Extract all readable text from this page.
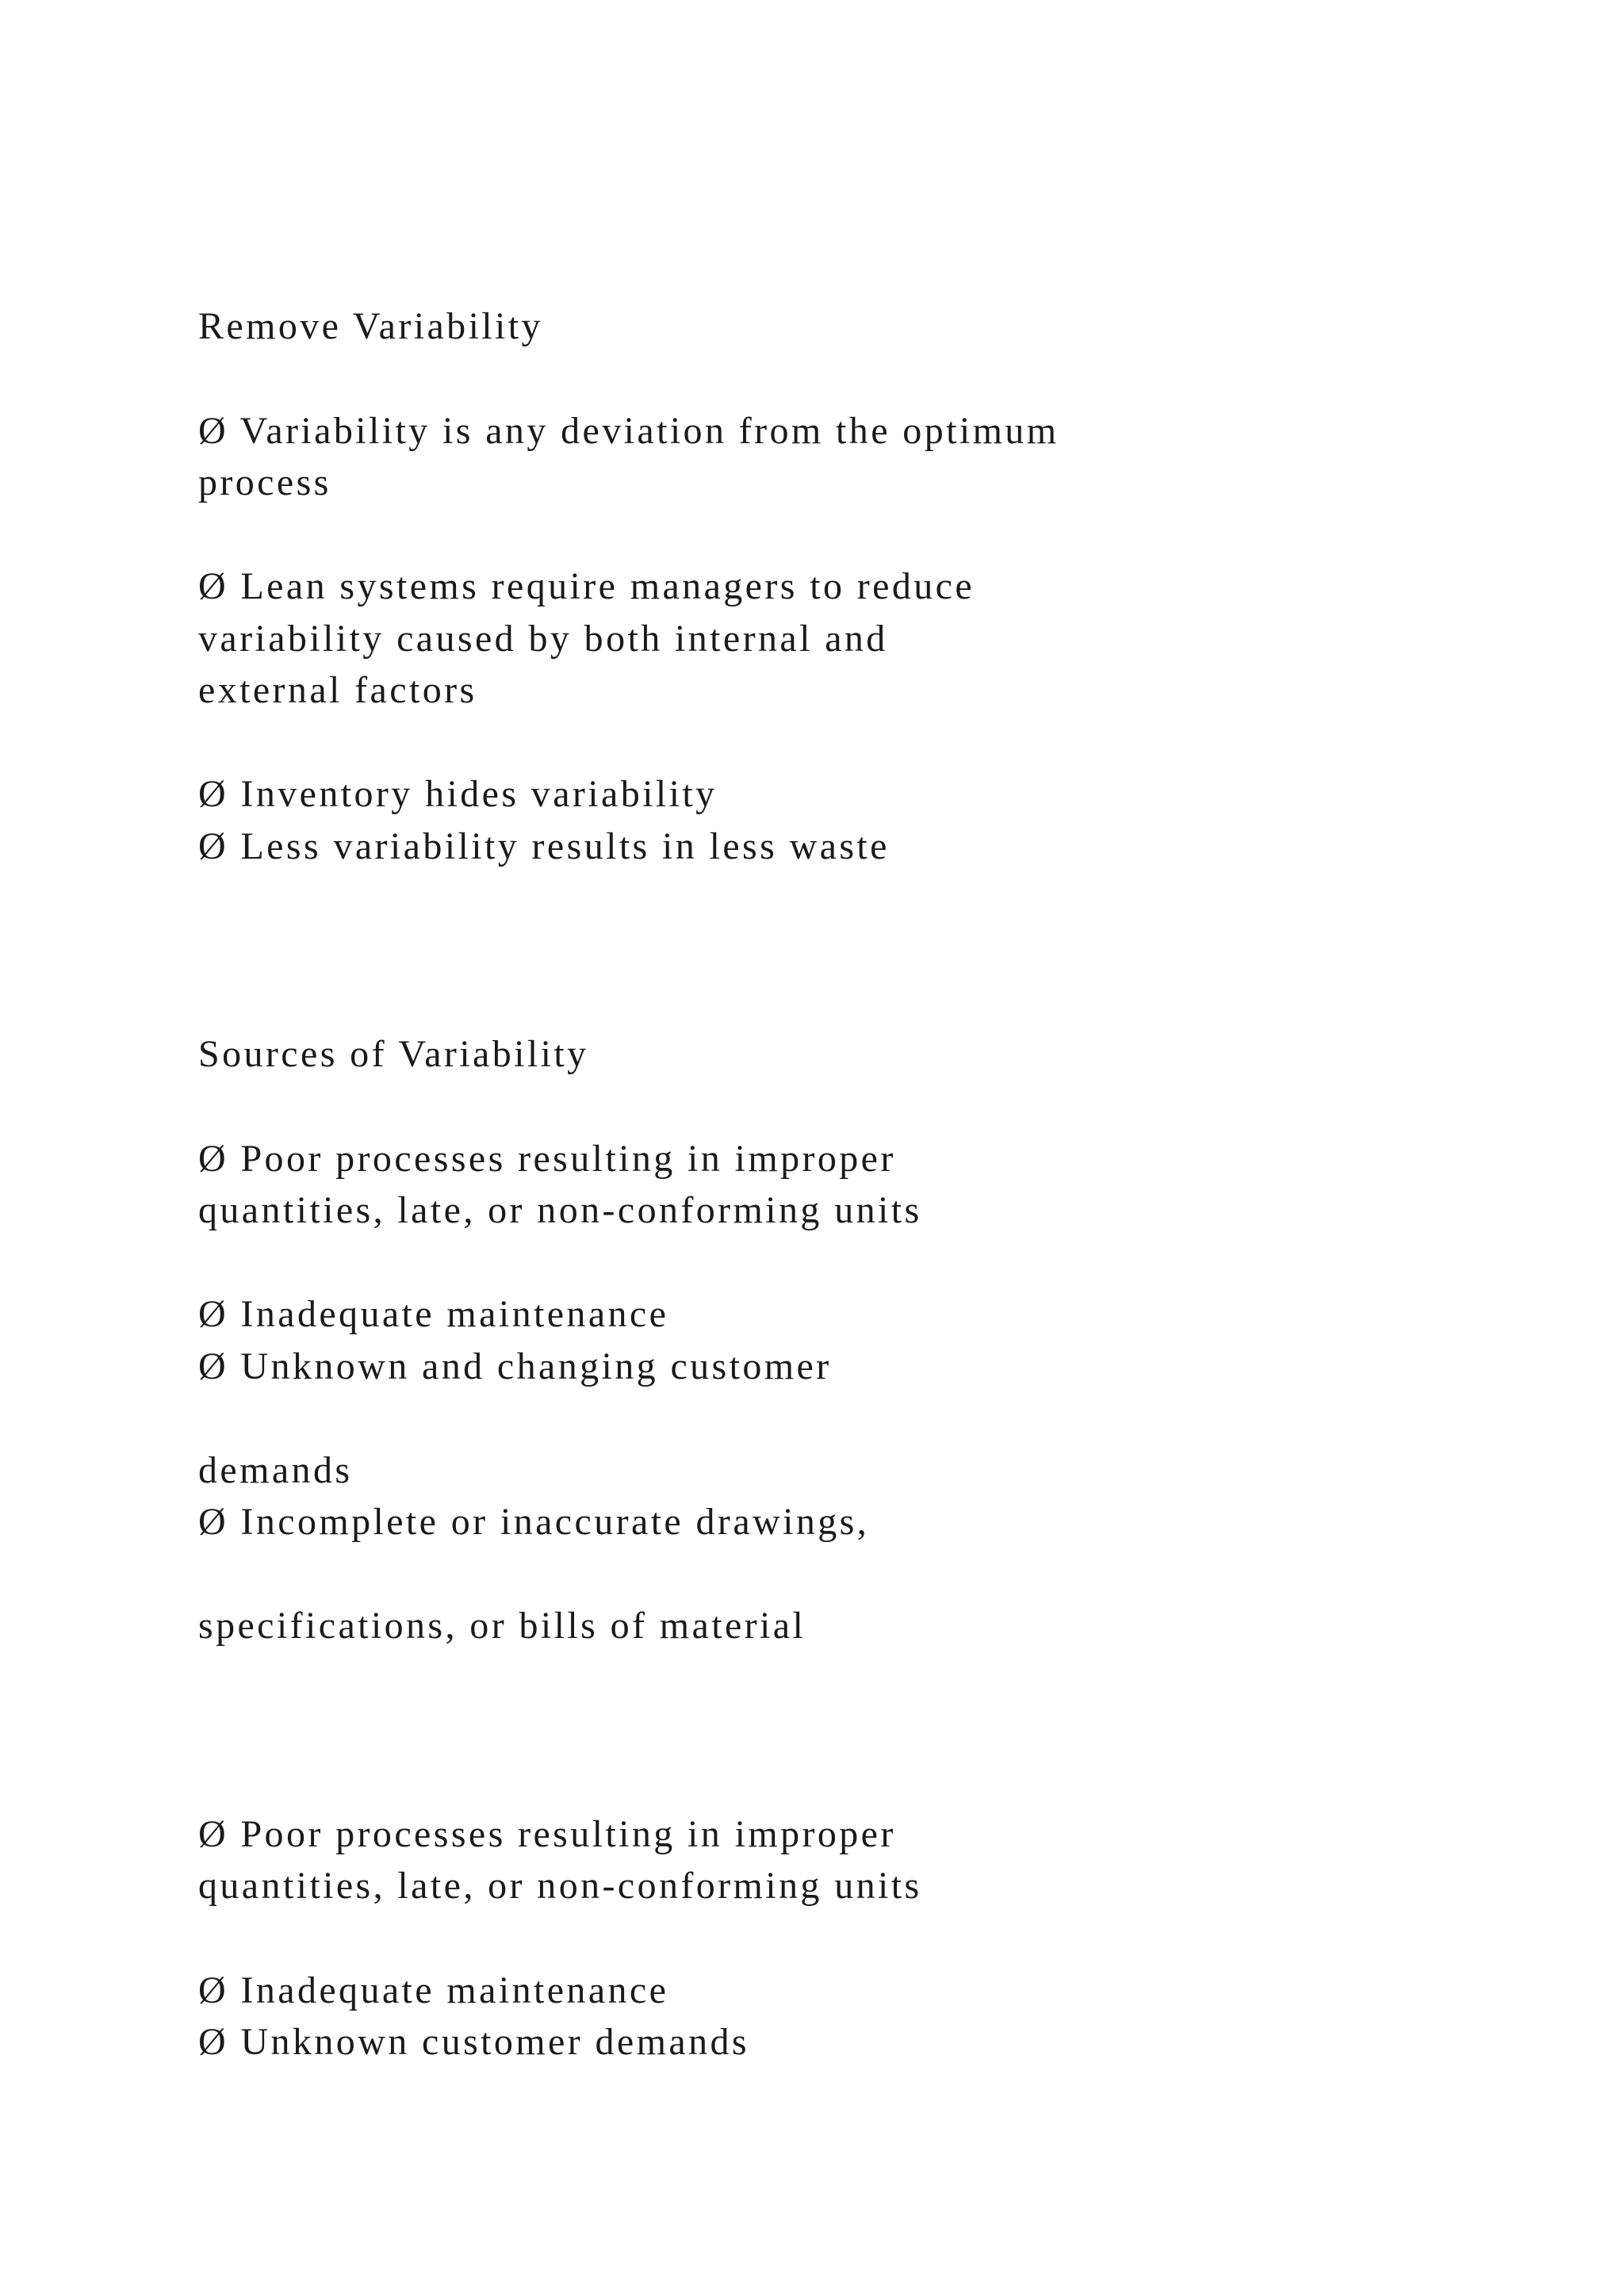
Remove Variability

Ø Variability is any deviation from the optimum

process

Ø Lean systems require managers to reduce

variability caused by both internal and

external factors

Ø Inventory hides variability

Ø Less variability results in less waste

Sources of Variability

Ø Poor processes resulting in improper

quantities, late, or non-conforming units

Ø Inadequate maintenance

Ø Unknown and changing customer

demands

Ø Incomplete or inaccurate drawings,

specifications, or bills of material

Ø Poor processes resulting in improper

quantities, late, or non-conforming units

Ø Inadequate maintenance

Ø Unknown customer demands
